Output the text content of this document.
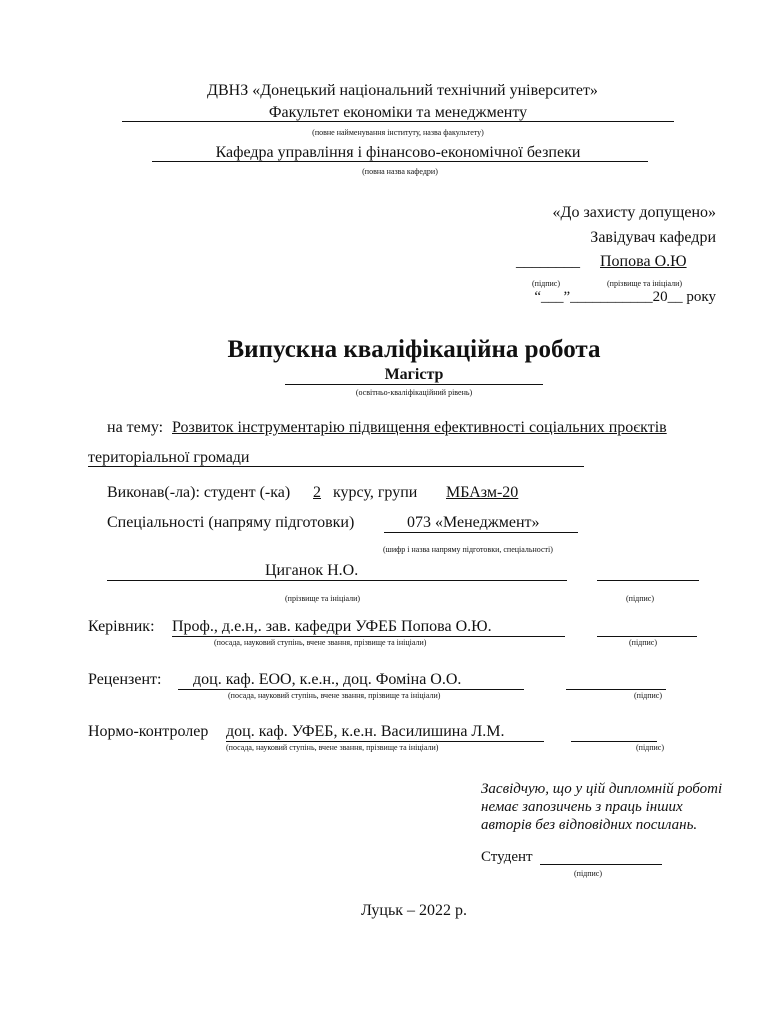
ДВНЗ «Донецький національний технічний університет»
Факультет економіки та менеджменту
(повне найменування інституту, назва факультету)
Кафедра управління і фінансово-економічної безпеки
(повна назва кафедри)
«До захисту допущено»
Завідувач кафедри
________ Попова О.Ю
(підпис)	(прізвище та ініціали)
“___”___________20__ року
Випускна кваліфікаційна робота
Магістр
(освітньо-кваліфікаційний рівень)
на тему: Розвиток інструментарію підвищення ефективності соціальних проєктів
територіальної громади
Виконав(-ла): студент (-ка) 2 курсу, групи МБАзм-20
Спеціальності (напряму підготовки)	073 «Менеджмент»
(шифр і назва напряму підготовки, спеціальності)
Циганок Н.О.
(прізвище та ініціали)	(підпис)
Керівник: Проф., д.е.н,. зав. кафедри УФЕБ Попова О.Ю.
(посада, науковий ступінь, вчене звання, прізвище та ініціали)	(підпис)
Рецензент: доц. каф. ЕОО, к.е.н., доц. Фоміна О.О.
(посада, науковий ступінь, вчене звання, прізвище та ініціали)	(підпис)
Нормо-контролер доц. каф. УФЕБ, к.е.н. Василишина Л.М.
(посада, науковий ступінь, вчене звання, прізвище та ініціали)	(підпис)
Засвідчую, що у цій дипломній роботі
немає запозичень з праць інших
авторів без відповідних посилань.
Студент
(підпис)
Луцьк – 2022 р.
